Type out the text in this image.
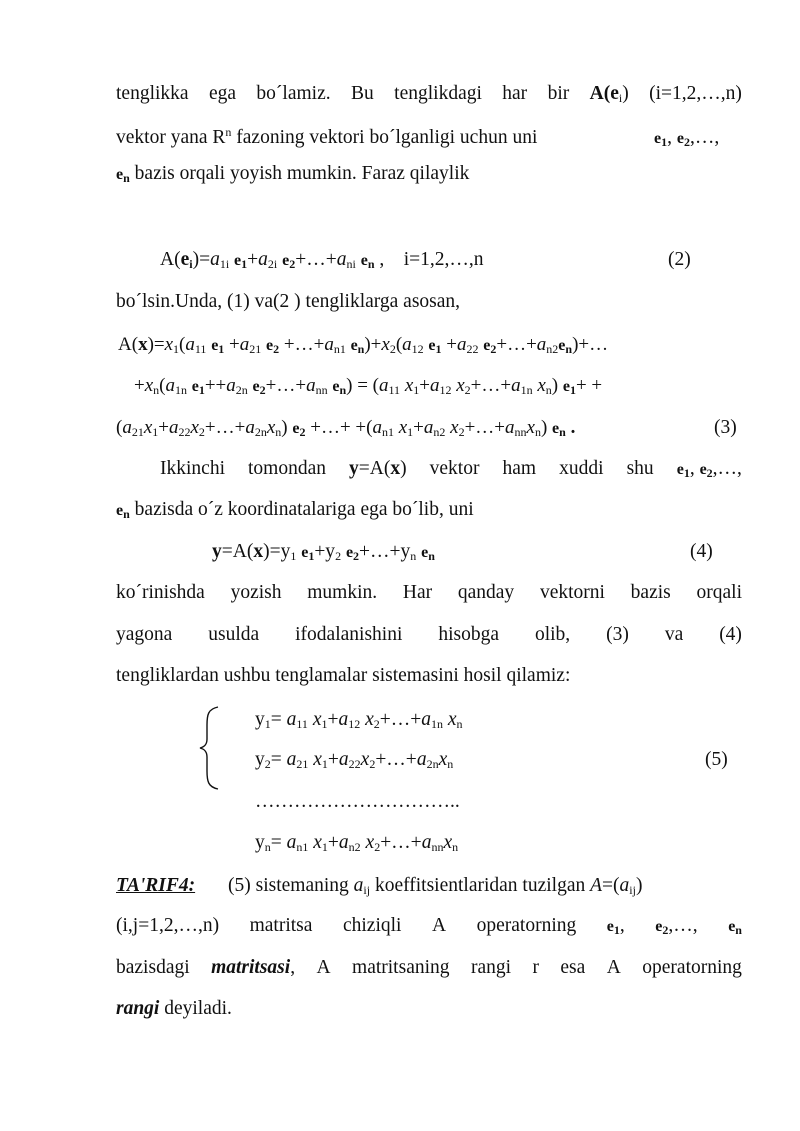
tenglikka ega bo´lamiz. Bu tenglikdagi har bir $A(e_i)$ (i=1,2,…,n)
vektor yana $R^n$ fazoning vektori bo´lganligi uchun uni	$e_1$, $e_2,\dots$,
$e_n$ bazis orqali yoyish mumkin. Faraz qilaylik
$A(e_i)=a_{1i}$ $e_1+a_{2i}$ $e_2+\dots+a_{ni}$ $e_n$ ,    i=1,2,…,n	(2)
bo´lsin.Unda, (1) va(2 ) tengliklarga asosan,
$A(x)=x_1(a_{11}$ $e_1 +a_{21}$ $e_2$ $+\dots+a_{n1}$ $e_n)+x_2(a_{12}$ $e_1 +a_{22}$ $e_2+\dots+a_{n2}e_n)+\dots$
$+x_n(a_{1n}$ $e_1++a_{2n}$ $e_2+\dots+a_{nn}$ $e_n) = (a_{11}$ $x_1+a_{12}$ $x_2+\dots+a_{1n}$ $x_n$) $e_1+$ +
$(a_{21}x_1+a_{22}x_2+\dots+a_{2n}x_n)$ $e_2$ +…+ $+(a_{n1}$ $x_1+a_{n2}$ $x_2+\dots+a_{nn}x_n$) $e_n$ .	(3)
Ikkinchi tomondan y=A(x) vektor ham xuddi shu $e_1$, $e_2,\dots$,
$e_n$ bazisda o´z koordinatalariga ega bo´lib, uni
$y=A(x)=y_1$ $e_1+y_2$ $e_2+\dots+y_n$ $e_n$	(4)
ko´rinishda yozish mumkin. Har qanday vektorni bazis orqali
yagona usulda ifodalanishini hisobga olib, (3) va (4)
tengliklardan ushbu tenglamalar sistemasini hosil qilamiz:
$y_1= a_{11}$ $x_1+a_{12}$ $x_2+\dots+a_{1n}$ $x_n$
$y_2= a_{21}$ $x_1+a_{22}x_2+\dots+a_{2n}x_n$	(5)
…………………………..
$y_n= a_{n1}$ $x_1+a_{n2}$ $x_2+\dots+a_{nn}x_n$
TA'RIF4: (5) sistemaning $a_{ij}$ koeffitsientlaridan tuzilgan $A=(a_{ij})$
(i,j=1,2,…,n) matritsa chiziqli A operatorning $e_1$, $e_2,\dots$, $e_n$
bazisdagi matritsasi, A matritsaning rangi r esa A operatorning
rangi deyiladi.
